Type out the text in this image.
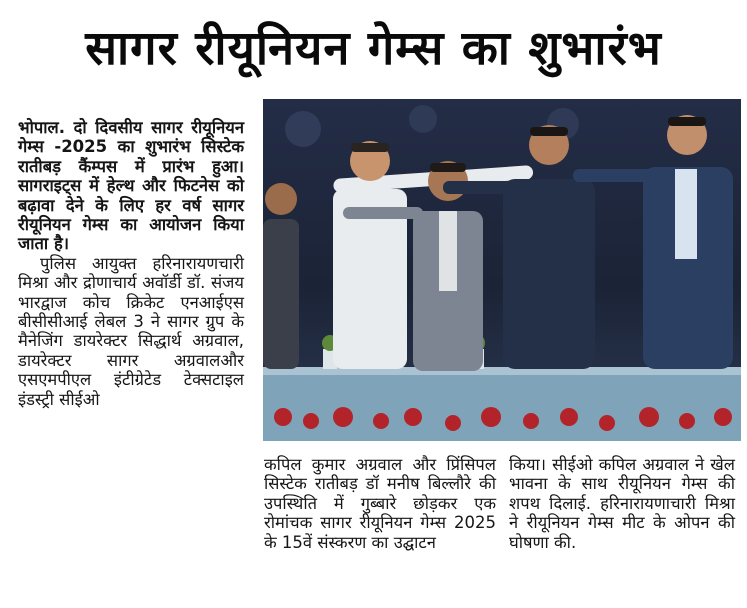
सागर रीयूनियन गेम्स का शुभारंभ

भोपाल. दो दिवसीय सागर रीयूनियन गेम्स -2025 का शुभारंभ सिस्टेक रातीबड़ कैंम्पस में प्रारंभ हुआ। सागराइट्स में हेल्थ और फिटनेस को बढ़ावा देने के लिए हर वर्ष सागर रीयूनियन गेम्स का आयोजन किया जाता है।

पुलिस आयुक्त हरिनारायणचारी मिश्रा और द्रोणाचार्य अवॉर्डी डॉ. संजय भारद्वाज कोच क्रिकेट एनआईएस बीसीसीआई लेबल 3 ने सागर ग्रुप के मैनेजिंग डायरेक्टर सिद्धार्थ अग्रवाल, डायरेक्टर सागर अग्रवालऔर एसएमपीएल इंटीग्रेटेड टेक्सटाइल इंडस्ट्री सीईओ

कपिल कुमार अग्रवाल और प्रिंसिपल सिस्टेक रातीबड़ डॉ मनीष बिल्लौरे की उपस्थिति में गुब्बारे छोड़कर एक रोमांचक सागर रीयूनियन गेम्स 2025 के 15वें संस्करण का उद्घाटन

किया। सीईओ कपिल अग्रवाल ने खेल भावना के साथ रीयूनियन गेम्स की शपथ दिलाई. हरिनारायणाचारी मिश्रा ने रीयूनियन गेम्स मीट के ओपन की घोषणा की.
